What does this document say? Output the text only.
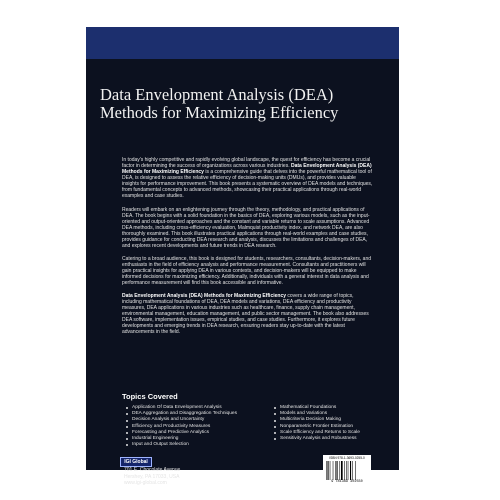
Data Envelopment Analysis (DEA) Methods for Maximizing Efficiency

In today's highly competitive and rapidly evolving global landscape, the quest for efficiency has become a crucial factor in determining the success of organizations across various industries. Data Envelopment Analysis (DEA) Methods for Maximizing Efficiency is a comprehensive guide that delves into the powerful mathematical tool of DEA, is designed to assess the relative efficiency of decision-making units (DMUs), and provides valuable insights for performance improvement. This book presents a systematic overview of DEA models and techniques, from fundamental concepts to advanced methods, showcasing their practical applications through real-world examples and case studies.

Readers will embark on an enlightening journey through the theory, methodology, and practical applications of DEA. The book begins with a solid foundation in the basics of DEA, exploring various models, such as the input-oriented and output-oriented approaches and the constant and variable returns to scale assumptions. Advanced DEA methods, including cross-efficiency evaluation, Malmquist productivity index, and network DEA, are also thoroughly examined. This book illustrates practical applications through real-world examples and case studies, provides guidance for conducting DEA research and analysis, discusses the limitations and challenges of DEA, and explores recent developments and future trends in DEA research.

Catering to a broad audience, this book is designed for students, researchers, consultants, decision-makers, and enthusiasts in the field of efficiency analysis and performance measurement. Consultants and practitioners will gain practical insights for applying DEA in various contexts, and decision-makers will be equipped to make informed decisions for maximizing efficiency. Additionally, individuals with a general interest in data analysis and performance measurement will find this book accessible and informative.

Data Envelopment Analysis (DEA) Methods for Maximizing Efficiency covers a wide range of topics, including mathematical foundations of DEA, DEA models and variations, DEA efficiency and productivity measures, DEA applications in various industries such as healthcare, finance, supply chain management, environmental management, education management, and public sector management. The book also addresses DEA software, implementation issues, empirical studies, and case studies. Furthermore, it explores future developments and emerging trends in DEA research, ensuring readers stay up-to-date with the latest advancements in the field.

Topics Covered
Application Of Data Envelopment Analysis
DEA Aggregation and Disaggregation Techniques
Decision Analysis and Uncertainty
Efficiency and Productivity Measures
Forecasting and Predictive Analytics
Industrial Engineering
Input and Output Selection
Mathematical Foundations
Models and Variations
Multicriteria Decision Making
Nonparametric Frontier Estimation
Scale Efficiency and Returns to Scale
Sensitivity Analysis and Robustness
IGI Global
701 E. Chocolate Avenue
Hershey, PA 17033, USA
www.igi-global.com
ISBN 978-1-3693-0255-0
9 781369 302550
